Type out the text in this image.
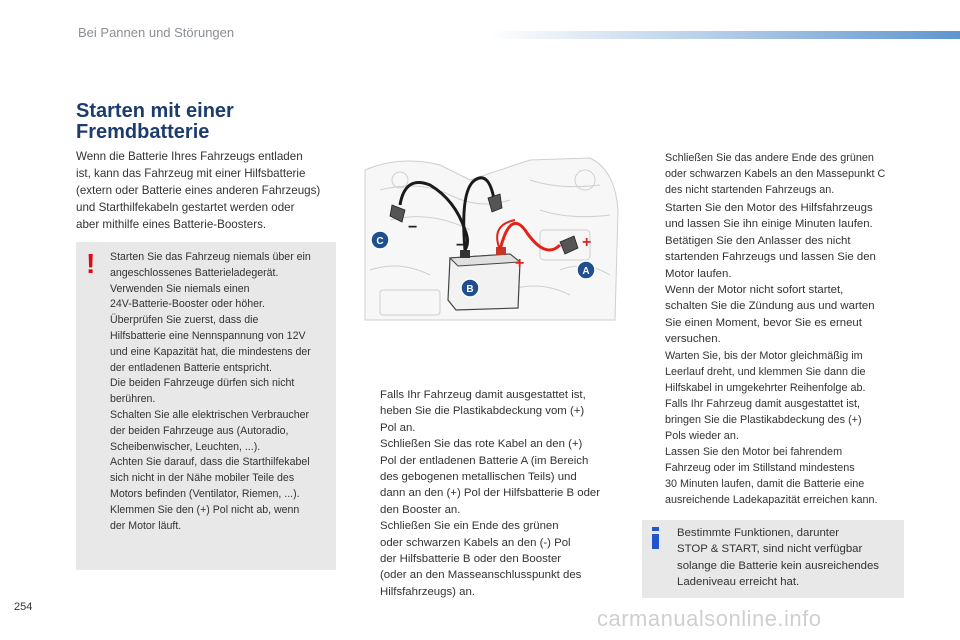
Bei Pannen und Störungen
Starten mit einer
Fremdbatterie
Wenn die Batterie Ihres Fahrzeugs entladen
ist, kann das Fahrzeug mit einer Hilfsbatterie
(extern oder Batterie eines anderen Fahrzeugs)
und Starthilfekabeln gestartet werden oder
aber mithilfe eines Batterie-Boosters.
! Starten Sie das Fahrzeug niemals über ein
angeschlossenes Batterieladegerät.
Verwenden Sie niemals einen
24V-Batterie-Booster oder höher.
Überprüfen Sie zuerst, dass die
Hilfsbatterie eine Nennspannung von 12V
und eine Kapazität hat, die mindestens der
der entladenen Batterie entspricht.
Die beiden Fahrzeuge dürfen sich nicht
berühren.
Schalten Sie alle elektrischen Verbraucher
der beiden Fahrzeuge aus (Autoradio,
Scheibenwischer, Leuchten, ...).
Achten Sie darauf, dass die Starthilfekabel
sich nicht in der Nähe mobiler Teile des
Motors befinden (Ventilator, Riemen, ...).
Klemmen Sie den (+) Pol nicht ab, wenn
der Motor läuft.
−
−
+
+
C
B
A
Falls Ihr Fahrzeug damit ausgestattet ist,
heben Sie die Plastikabdeckung vom (+)
Pol an.
Schließen Sie das rote Kabel an den (+)
Pol der entladenen Batterie A (im Bereich
des gebogenen metallischen Teils) und
dann an den (+) Pol der Hilfsbatterie B oder
den Booster an.
Schließen Sie ein Ende des grünen
oder schwarzen Kabels an den (-) Pol
der Hilfsbatterie B oder den Booster
(oder an den Masseanschlusspunkt des
Hilfsfahrzeugs) an.
Schließen Sie das andere Ende des grünen
oder schwarzen Kabels an den Massepunkt C
des nicht startenden Fahrzeugs an.
Starten Sie den Motor des Hilfsfahrzeugs
und lassen Sie ihn einige Minuten laufen.
Betätigen Sie den Anlasser des nicht
startenden Fahrzeugs und lassen Sie den
Motor laufen.
Wenn der Motor nicht sofort startet,
schalten Sie die Zündung aus und warten
Sie einen Moment, bevor Sie es erneut
versuchen.
Warten Sie, bis der Motor gleichmäßig im
Leerlauf dreht, und klemmen Sie dann die
Hilfskabel in umgekehrter Reihenfolge ab.
Falls Ihr Fahrzeug damit ausgestattet ist,
bringen Sie die Plastikabdeckung des (+)
Pols wieder an.
Lassen Sie den Motor bei fahrendem
Fahrzeug oder im Stillstand mindestens
30 Minuten laufen, damit die Batterie eine
ausreichende Ladekapazität erreichen kann.
Bestimmte Funktionen, darunter
STOP & START, sind nicht verfügbar
solange die Batterie kein ausreichendes
Ladeniveau erreicht hat.
254	carmanualsonline.info
